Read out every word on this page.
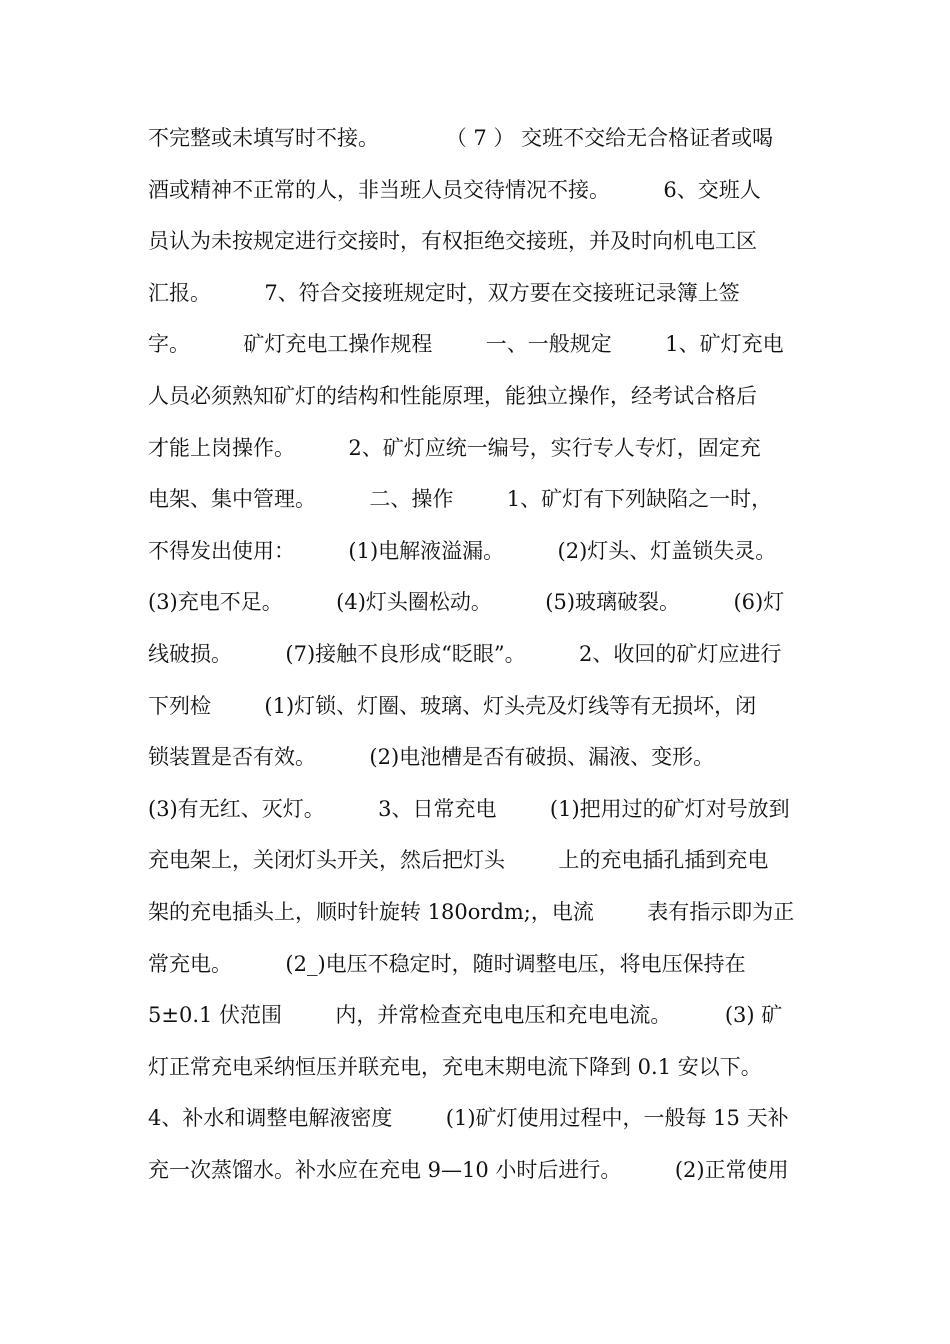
不完整或未填写时不接。          （ 7 ） 交班不交给无合格证者或喝
酒或精神不正常的人，非当班人员交待情况不接。        6、交班人
员认为未按规定进行交接时，有权拒绝交接班，并及时向机电工区
汇报。        7、符合交接班规定时，双方要在交接班记录簿上签
字。        矿灯充电工操作规程        一、一般规定        1、矿灯充电
人员必须熟知矿灯的结构和性能原理，能独立操作，经考试合格后
才能上岗操作。        2、矿灯应统一编号，实行专人专灯，固定充
电架、集中管理。        二、操作        1、矿灯有下列缺陷之一时，
不得发出使用：        (1)电解液溢漏。        (2)灯头、灯盖锁失灵。
(3)充电不足。        (4)灯头圈松动。        (5)玻璃破裂。        (6)灯
线破损。        (7)接触不良形成“眨眼”。        2、收回的矿灯应进行
下列检        (1)灯锁、灯圈、玻璃、灯头壳及灯线等有无损坏，闭
锁装置是否有效。        (2)电池槽是否有破损、漏液、变形。
(3)有无红、灭灯。        3、日常充电        (1)把用过的矿灯对号放到
充电架上，关闭灯头开关，然后把灯头        上的充电插孔插到充电
架的充电插头上，顺时针旋转 180ordm;，电流        表有指示即为正
常充电。        (2_)电压不稳定时，随时调整电压，将电压保持在
5±0.1 伏范围        内，并常检查充电电压和充电电流。        (3) 矿
灯正常充电采纳恒压并联充电，充电末期电流下降到 0.1 安以下。
4、补水和调整电解液密度        (1)矿灯使用过程中，一般每 15 天补
充一次蒸馏水。补水应在充电 9—10 小时后进行。        (2)正常使用
